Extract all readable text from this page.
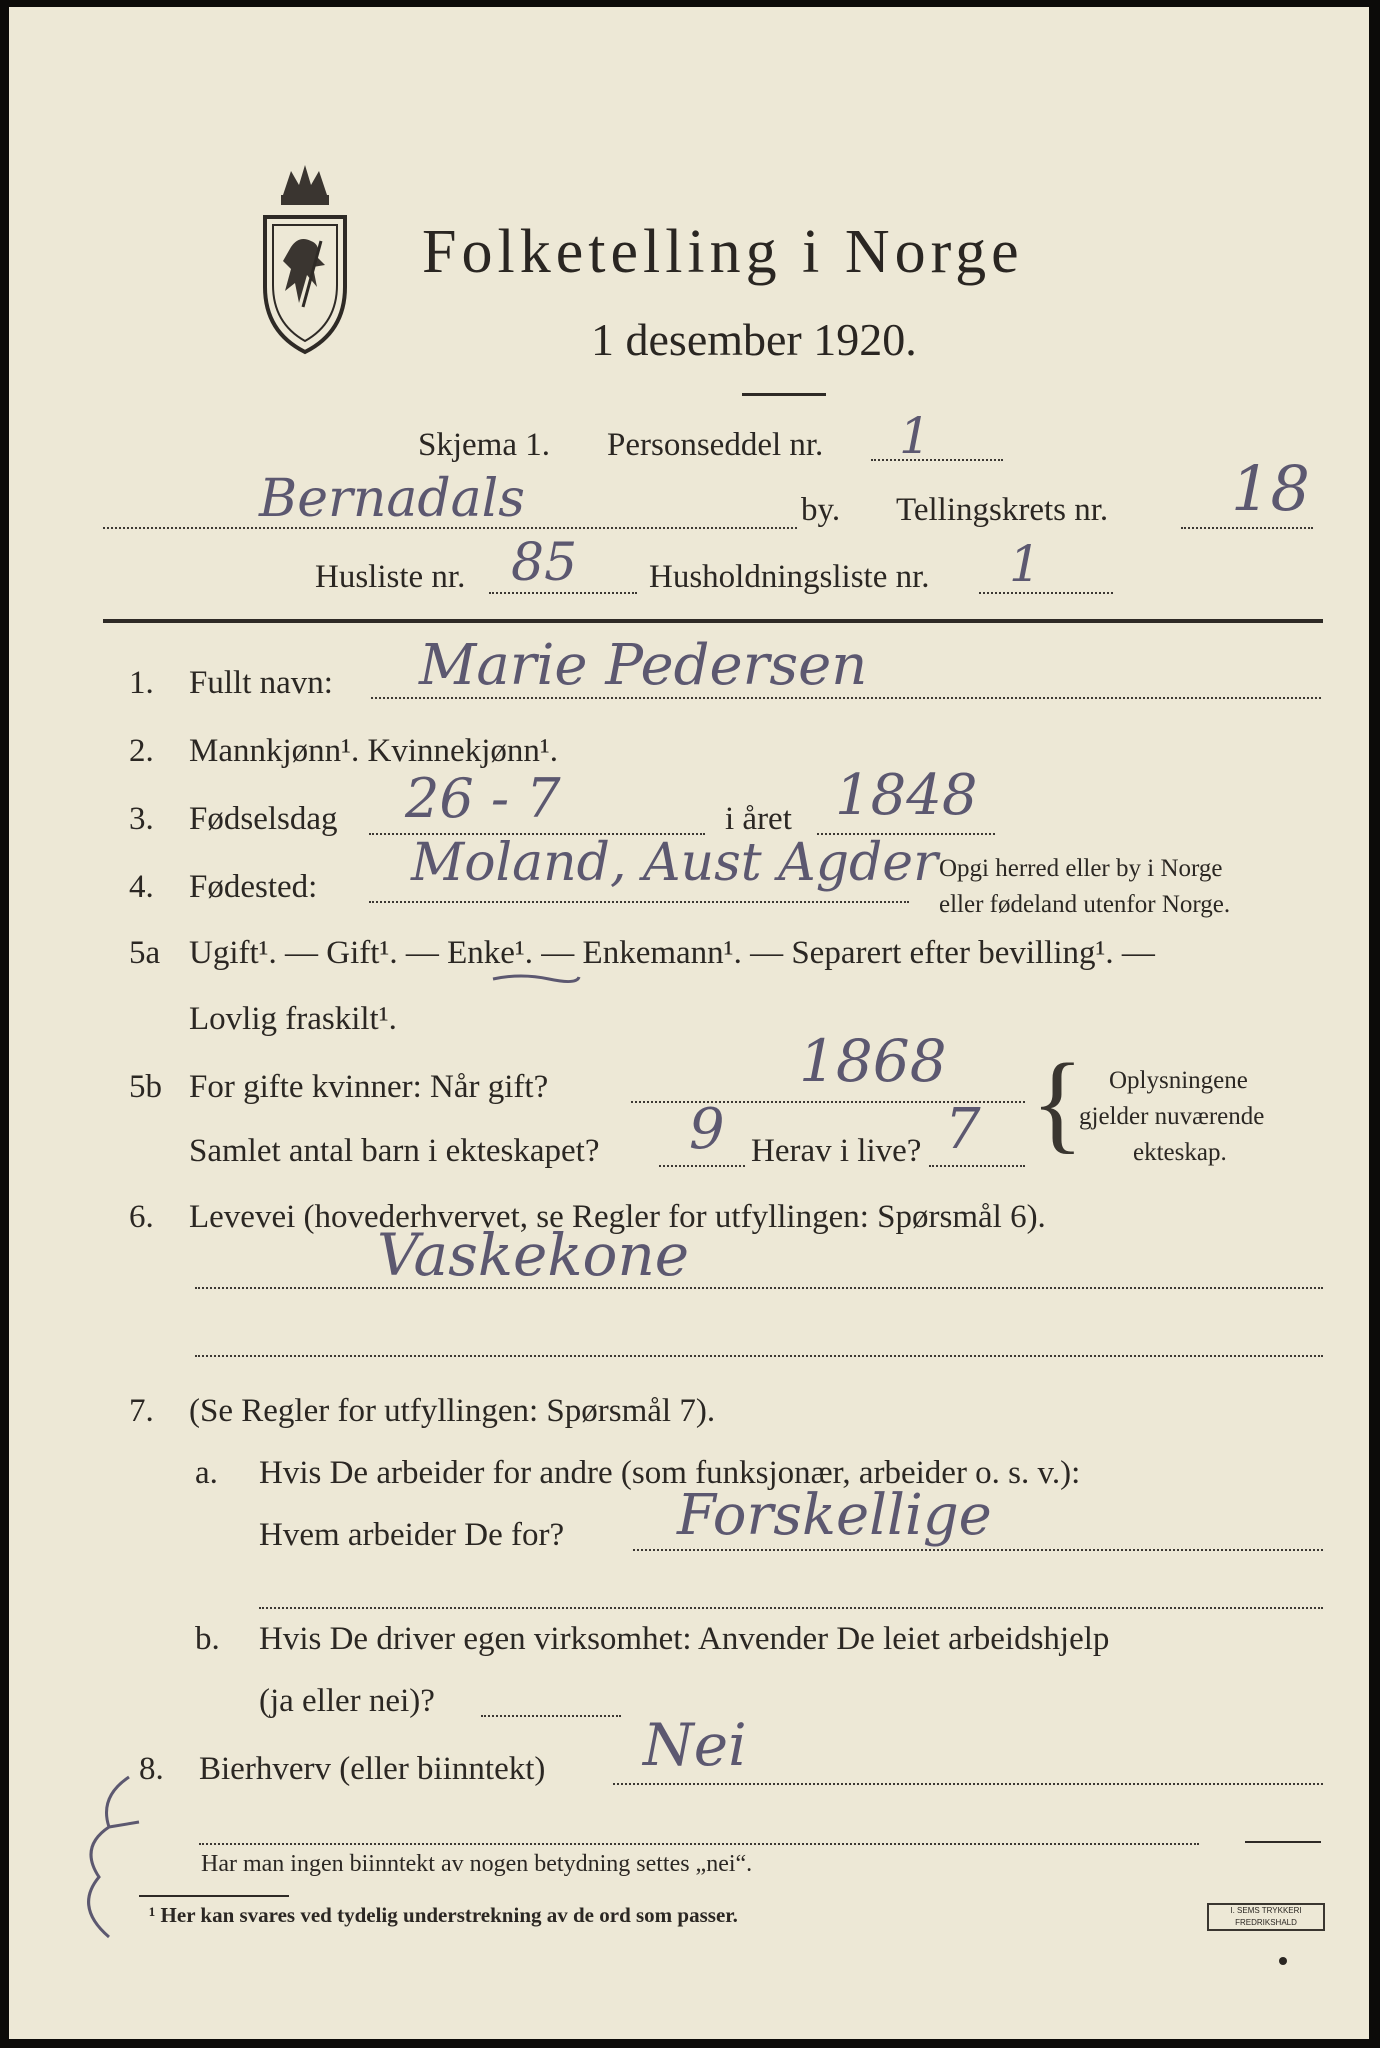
Folketelling i Norge
1 desember 1920.
Skjema 1. Personseddel nr. 1
Bernadals	by. Tellingskrets nr. 18
Husliste nr. 85 Husholdningsliste nr. 1
1. Fullt navn: Marie Pedersen
2. Mannkjønn¹. Kvinnekjønn¹.
3. Fødselsdag 26 - 7	i året 1848
4. Fødested: Moland, Aust Agder Opgi herred eller by i Norge
eller fødeland utenfor Norge.
5a Ugift¹. — Gift¹. — Enke¹. — Enkemann¹. — Separert efter bevilling¹. —
Lovlig fraskilt¹.
5b For gifte kvinner: Når gift?	1868
Samlet antal barn i ekteskapet? 9 Herav i live? 7 { Oplysningene
gjelder nuværende
ekteskap.
6. Levevei (hovederhvervet, se Regler for utfyllingen: Spørsmål 6).
Vaskekone
7. (Se Regler for utfyllingen: Spørsmål 7).
a. Hvis De arbeider for andre (som funksjonær, arbeider o. s. v.):
Hvem arbeider De for? Forskellige
b. Hvis De driver egen virksomhet: Anvender De leiet arbeidshjelp
(ja eller nei)?
8. Bierhverv (eller biinntekt) Nei
Har man ingen biinntekt av nogen betydning settes „nei“.
¹ Her kan svares ved tydelig understrekning av de ord som passer.	I. SEMS TRYKKERI FREDRIKSHALD
